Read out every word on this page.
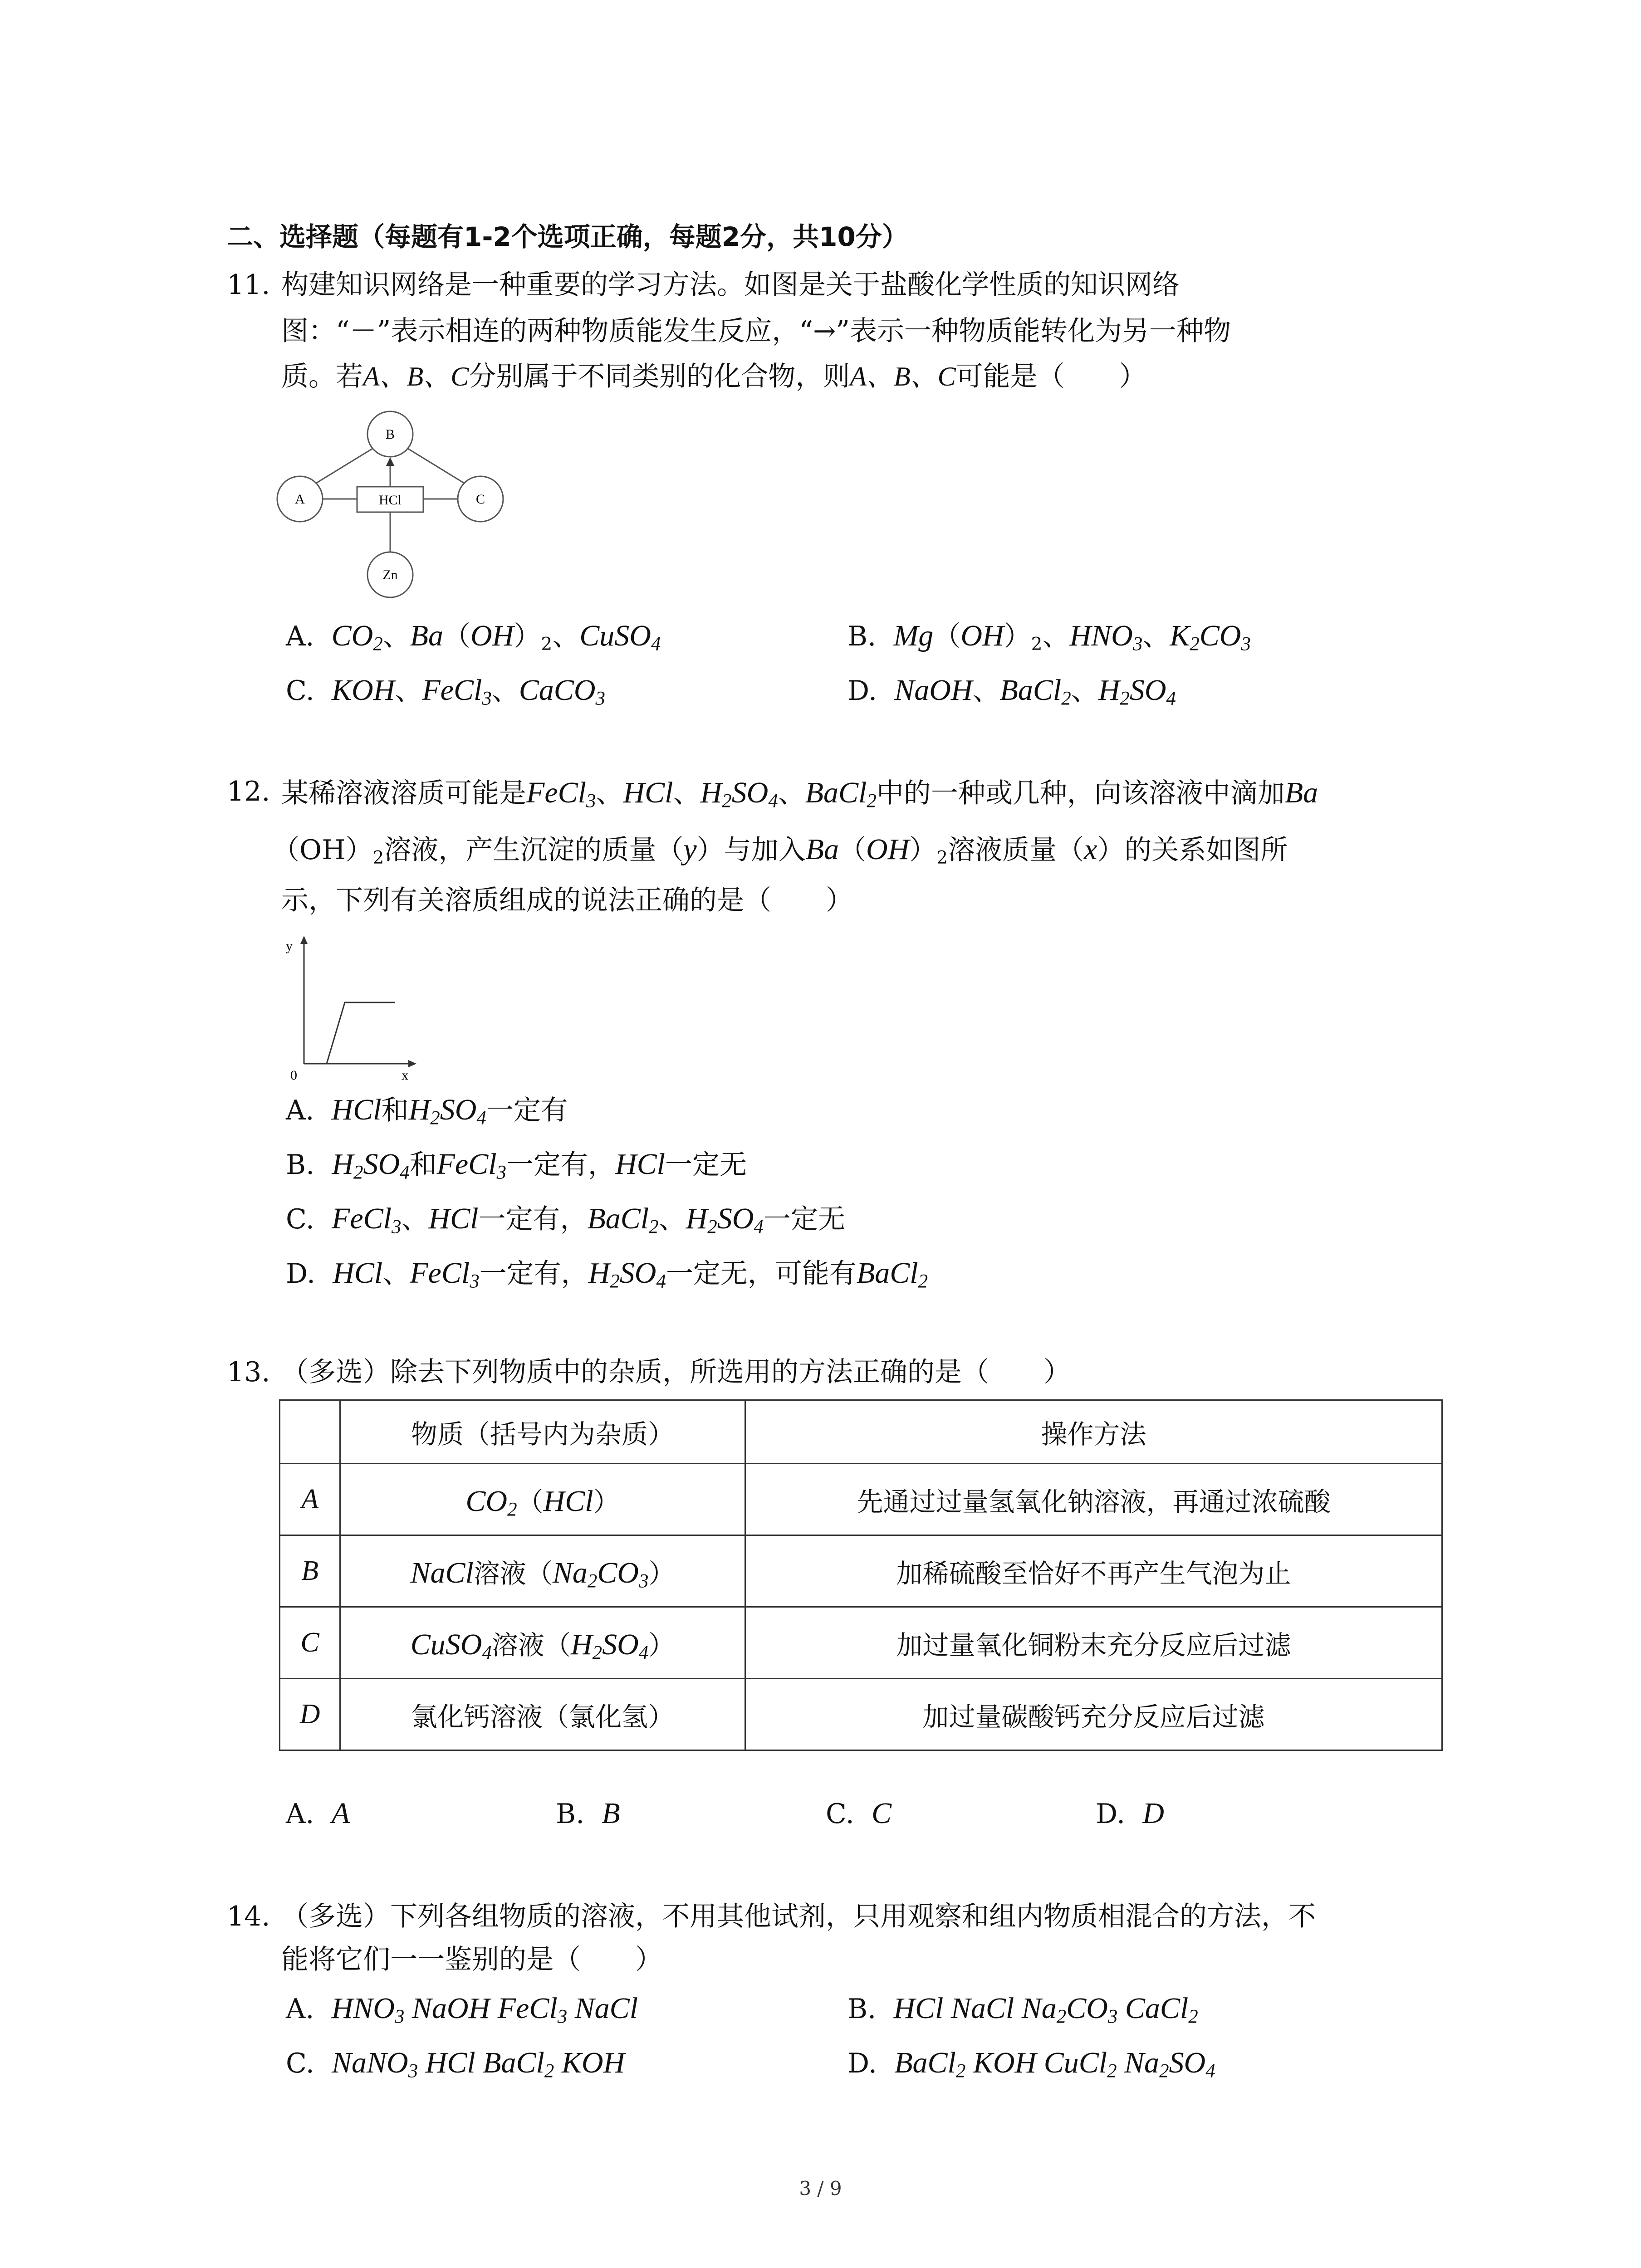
二、选择题（每题有1-2个选项正确，每题2分，共10分）
11. 构建知识网络是一种重要的学习方法。如图是关于盐酸化学性质的知识网络
图：“－”表示相连的两种物质能发生反应，“→”表示一种物质能转化为另一种物
质。若A、B、C分别属于不同类别的化合物，则A、B、C可能是（　　）
B
A	C
HCl
Zn
A. $CO_2$、$Ba(OH)_2$、CuSO$_4$	B. $Mg(OH)_2$、$HNO_3$、$K_2CO_3$
C. KOH、FeCl$_3$、CaCO$_3$	D. NaOH、BaCl$_2$、$H_2SO_4$
12. 某稀溶液溶质可能是FeCl$_3$、HCl、$H_2SO_4$、BaCl$_2$中的一种或几种，向该溶液中滴加Ba
$(OH)_2$溶液，产生沉淀的质量（y）与加入$Ba(OH)_2$溶液质量（x）的关系如图所
示，下列有关溶质组成的说法正确的是（　　）
y
0	x
A. HCl和$H_2SO_4$一定有
B. $H_2SO_4$和FeCl$_3$一定有，HCl一定无
C. FeCl$_3$、HCl一定有，BaCl$_2$、$H_2SO_4$一定无
D. HCl、FeCl$_3$一定有，$H_2SO_4$一定无，可能有BaCl$_2$
13. （多选）除去下列物质中的杂质，所选用的方法正确的是（　　）
	物质（括号内为杂质）	操作方法
A	$CO_2(HCl)$	先通过过量氢氧化钠溶液，再通过浓硫酸
B	NaCl溶液$(Na_2CO_3)$	加稀硫酸至恰好不再产生气泡为止
C	CuSO$_4$溶液$(H_2SO_4)$	加过量氧化铜粉末充分反应后过滤
D	氯化钙溶液（氯化氢）	加过量碳酸钙充分反应后过滤
A. A	B. B	C. C	D. D
14. （多选）下列各组物质的溶液，不用其他试剂，只用观察和组内物质相混合的方法，不
能将它们一一鉴别的是（　　）
A. $HNO_3$ NaOH FeCl$_3$ NaCl	B. HCl NaCl $Na_2CO_3$ CaCl$_2$
C. NaNO$_3$ HCl BaCl$_2$ KOH	D. BaCl$_2$ KOH CuCl$_2$ $Na_2SO_4$
3 / 9
